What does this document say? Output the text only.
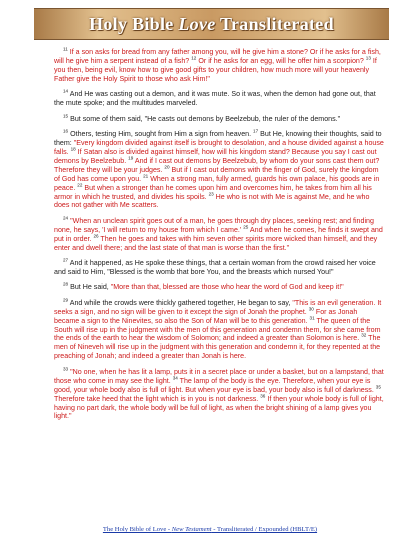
Holy Bible Love Transliterated

$^{11}$ If a son asks for bread from any father among you, will he give him a stone? Or if he asks for a fish, will he give him a serpent instead of a fish? $^{12}$ Or if he asks for an egg, will he offer him a scorpion? $^{13}$ If you then, being evil, know how to give good gifts to your children, how much more will your heavenly Father give the Holy Spirit to those who ask Him!"

$^{14}$ And He was casting out a demon, and it was mute. So it was, when the demon had gone out, that the mute spoke; and the multitudes marveled.

$^{15}$ But some of them said, "He casts out demons by Beelzebub, the ruler of the demons."

$^{16}$ Others, testing Him, sought from Him a sign from heaven. $^{17}$ But He, knowing their thoughts, said to them: "Every kingdom divided against itself is brought to desolation, and a house divided against a house falls. $^{18}$ If Satan also is divided against himself, how will his kingdom stand? Because you say I cast out demons by Beelzebub. $^{19}$ And if I cast out demons by Beelzebub, by whom do your sons cast them out? Therefore they will be your judges. $^{20}$ But if I cast out demons with the finger of God, surely the kingdom of God has come upon you. $^{21}$ When a strong man, fully armed, guards his own palace, his goods are in peace. $^{22}$ But when a stronger than he comes upon him and overcomes him, he takes from him all his armor in which he trusted, and divides his spoils. $^{23}$ He who is not with Me is against Me, and he who does not gather with Me scatters.

$^{24}$ "When an unclean spirit goes out of a man, he goes through dry places, seeking rest; and finding none, he says, 'I will return to my house from which I came.' $^{25}$ And when he comes, he finds it swept and put in order. $^{26}$ Then he goes and takes with him seven other spirits more wicked than himself, and they enter and dwell there; and the last state of that man is worse than the first."

$^{27}$ And it happened, as He spoke these things, that a certain woman from the crowd raised her voice and said to Him, "Blessed is the womb that bore You, and the breasts which nursed You!"

$^{28}$ But He said, "More than that, blessed are those who hear the word of God and keep it!"

$^{29}$ And while the crowds were thickly gathered together, He began to say, "This is an evil generation. It seeks a sign, and no sign will be given to it except the sign of Jonah the prophet. $^{30}$ For as Jonah became a sign to the Ninevites, so also the Son of Man will be to this generation. $^{31}$ The queen of the South will rise up in the judgment with the men of this generation and condemn them, for she came from the ends of the earth to hear the wisdom of Solomon; and indeed a greater than Solomon is here. $^{32}$ The men of Nineveh will rise up in the judgment with this generation and condemn it, for they repented at the preaching of Jonah; and indeed a greater than Jonah is here.

$^{33}$ "No one, when he has lit a lamp, puts it in a secret place or under a basket, but on a lampstand, that those who come in may see the light. $^{34}$ The lamp of the body is the eye. Therefore, when your eye is good, your whole body also is full of light. But when your eye is bad, your body also is full of darkness. $^{35}$ Therefore take heed that the light which is in you is not darkness. $^{36}$ If then your whole body is full of light, having no part dark, the whole body will be full of light, as when the bright shining of a lamp gives you light."

The Holy Bible of Love - New Testament - Transliterated / Expounded (HBLT/E)
